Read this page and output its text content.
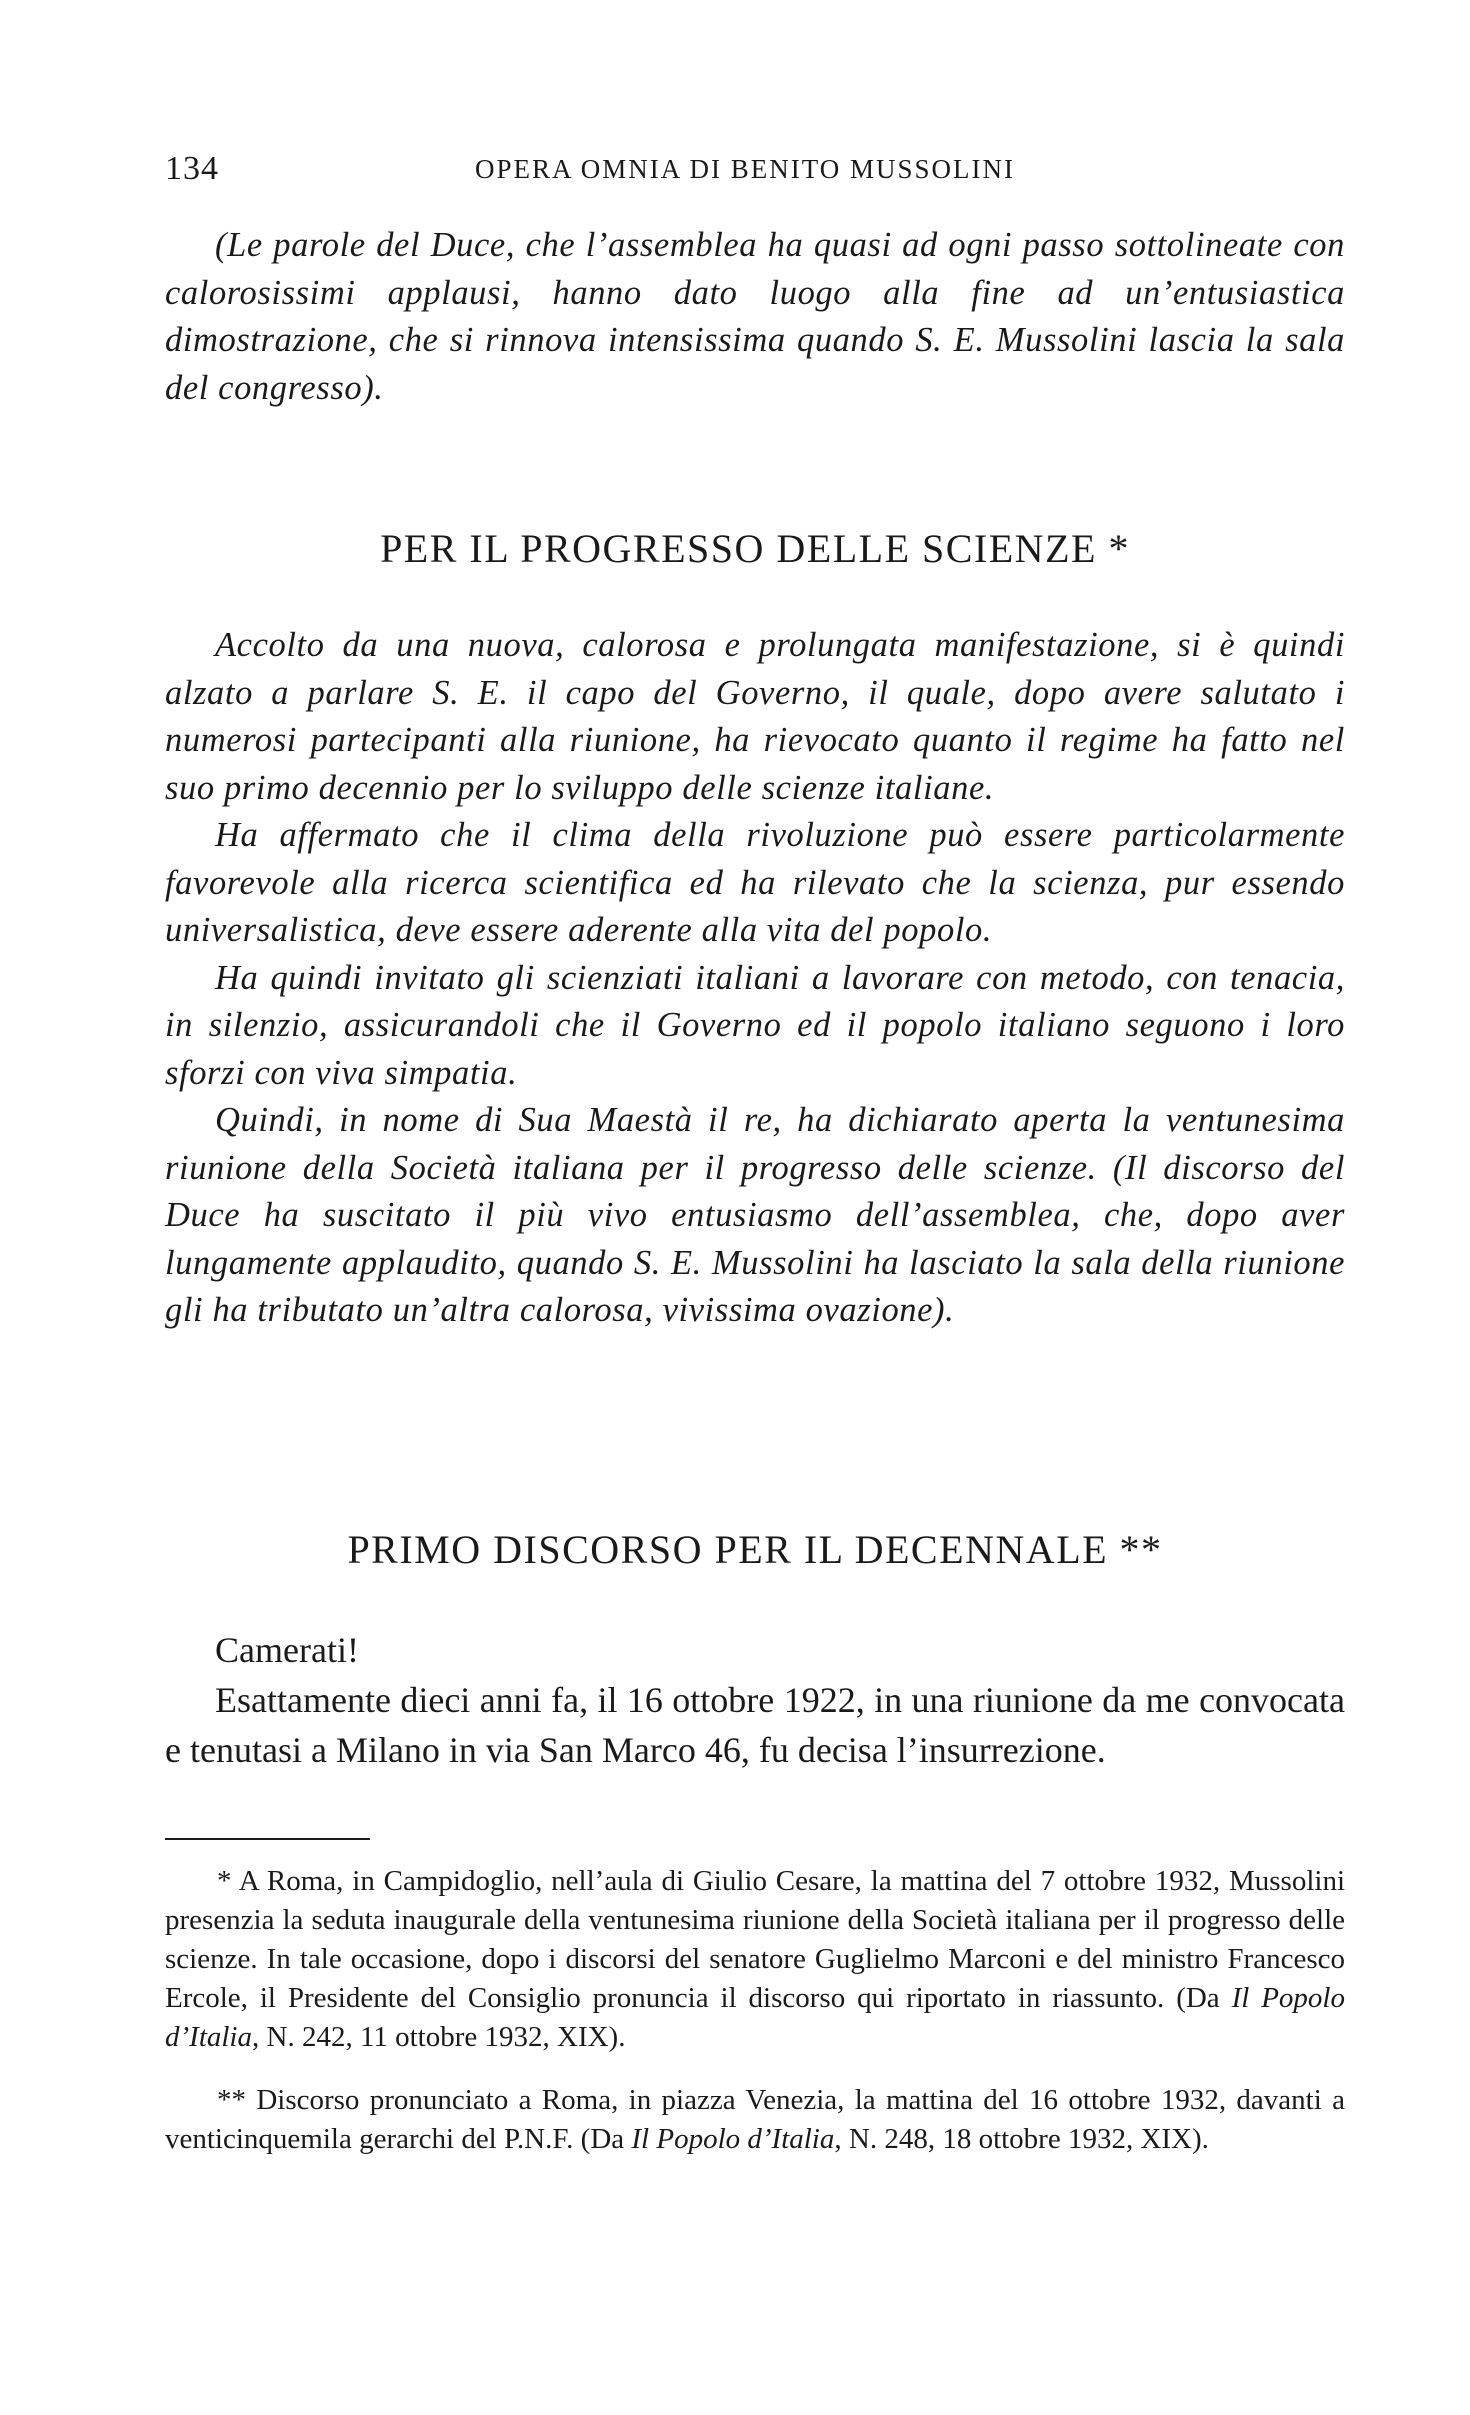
134	OPERA OMNIA DI BENITO MUSSOLINI

(Le parole del Duce, che l’assemblea ha quasi ad ogni passo sottolineate con calorosissimi applausi, hanno dato luogo alla fine ad un’entusiastica dimostrazione, che si rinnova intensissima quando S. E. Mussolini lascia la sala del congresso).

PER IL PROGRESSO DELLE SCIENZE *

Accolto da una nuova, calorosa e prolungata manifestazione, si è quindi alzato a parlare S. E. il capo del Governo, il quale, dopo avere salutato i numerosi partecipanti alla riunione, ha rievocato quanto il regime ha fatto nel suo primo decennio per lo sviluppo delle scienze italiane.

Ha affermato che il clima della rivoluzione può essere particolarmente favorevole alla ricerca scientifica ed ha rilevato che la scienza, pur essendo universalistica, deve essere aderente alla vita del popolo.

Ha quindi invitato gli scienziati italiani a lavorare con metodo, con tenacia, in silenzio, assicurandoli che il Governo ed il popolo italiano seguono i loro sforzi con viva simpatia.

Quindi, in nome di Sua Maestà il re, ha dichiarato aperta la ventunesima riunione della Società italiana per il progresso delle scienze. (Il discorso del Duce ha suscitato il più vivo entusiasmo dell’assemblea, che, dopo aver lungamente applaudito, quando S. E. Mussolini ha lasciato la sala della riunione gli ha tributato un’altra calorosa, vivissima ovazione).

PRIMO DISCORSO PER IL DECENNALE **

Camerati!

Esattamente dieci anni fa, il 16 ottobre 1922, in una riunione da me convocata e tenutasi a Milano in via San Marco 46, fu decisa l’insurrezione.

* A Roma, in Campidoglio, nell’aula di Giulio Cesare, la mattina del 7 ottobre 1932, Mussolini presenzia la seduta inaugurale della ventunesima riunione della Società italiana per il progresso delle scienze. In tale occasione, dopo i discorsi del senatore Guglielmo Marconi e del ministro Francesco Ercole, il Presidente del Consiglio pronuncia il discorso qui riportato in riassunto. (Da Il Popolo d’Italia, N. 242, 11 ottobre 1932, XIX).

** Discorso pronunciato a Roma, in piazza Venezia, la mattina del 16 ottobre 1932, davanti a venticinquemila gerarchi del P.N.F. (Da Il Popolo d’Italia, N. 248, 18 ottobre 1932, XIX).
